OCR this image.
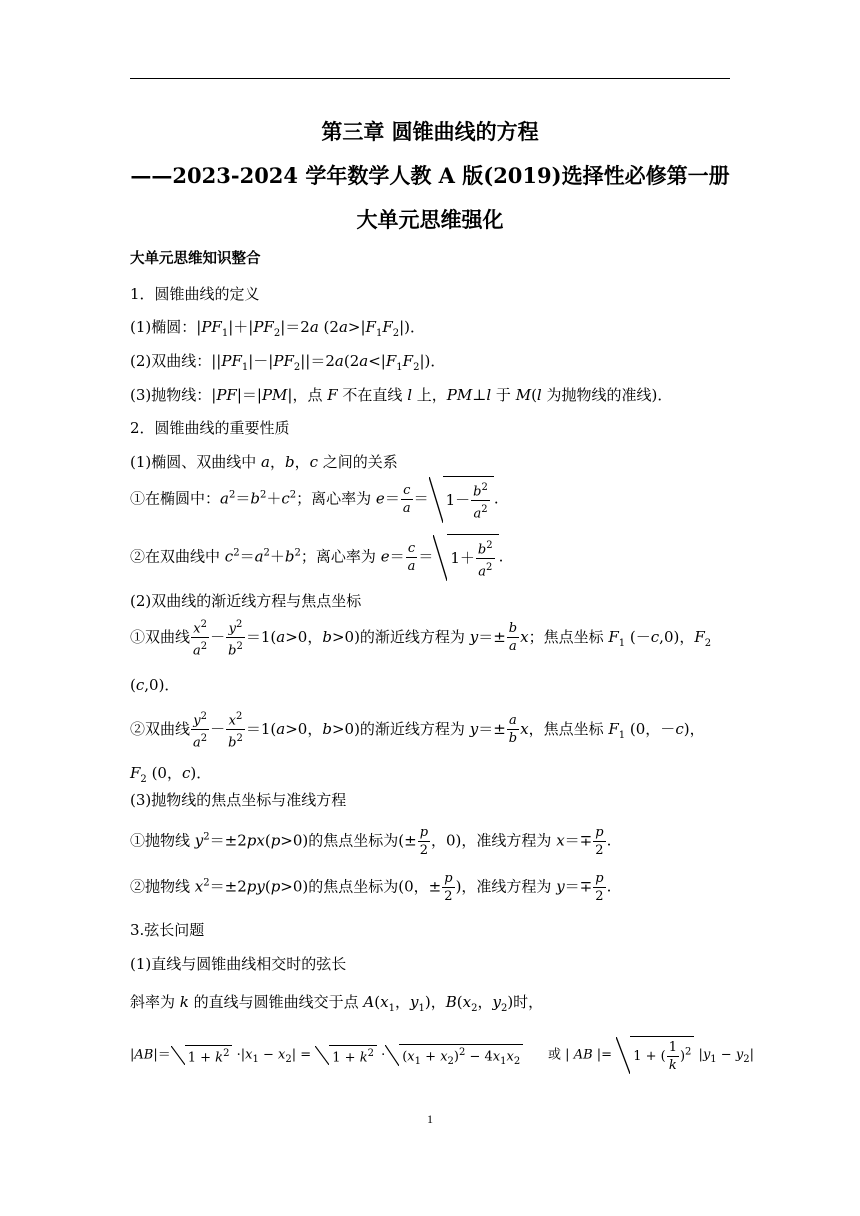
第三章 圆锥曲线的方程
——2023-2024 学年数学人教 A 版(2019)选择性必修第一册
大单元思维强化
大单元思维知识整合
1．圆锥曲线的定义
(1)椭圆：$|PF_1|+|PF_2|=2a$ $(2a>|F_1F_2|)$．
(2)双曲线：$||PF_1|-|PF_2||=2a(2a<|F_1F_2|)$．
(3)抛物线：|PF|＝|PM|，点 F 不在直线 l 上，PM⊥l 于 M(l 为抛物线的准线)．
2．圆锥曲线的重要性质
(1)椭圆、双曲线中 a，b，c 之间的关系
①在椭圆中：$a^2=b^2+c^2$；离心率为 $e= \frac{c}{a} = 1- \frac{b^2}{a^2}$ .
②在双曲线中 $c^2=a^2+b^2$；离心率为 $e= \frac{c}{a} = 1+ \frac{b^2}{a^2}$ .
(2)双曲线的渐近线方程与焦点坐标
①双曲线 $\frac{x^2}{a^2} - \frac{y^2}{b^2} =1(a>0$，b>0)的渐近线方程为 $y=\pm \frac{b}{a}$ x；焦点坐标 $F_1$ (－c,0)，$F_2$
(c,0)．
②双曲线 $\frac{y^2}{a^2} - \frac{x^2}{b^2} =1(a>0$，b>0)的渐近线方程为 $y=\pm \frac{a}{b}$ x，焦点坐标 $F_1$ (0，－c)，
$F_2$ (0，c)．
(3)抛物线的焦点坐标与准线方程
①抛物线 $y^2=\pm 2px(p>0)$的焦点坐标为(± $\frac{p}{2}$ ，0)，准线方程为 $x=\mp \frac{p}{2}$ .
②抛物线 $x^2=\pm 2py(p>0)$的焦点坐标为(0，± $\frac{p}{2}$ )，准线方程为 $y=\mp \frac{p}{2}$ .
3.弦长问题
(1)直线与圆锥曲线相交时的弦长
斜率为 k 的直线与圆锥曲线交于点 $A(x_1$，$y_1$)，$B(x_2$，$y_2$)时，
$|AB|= 1 + k^2 \cdot|x_1 - x_2| = 1 + k^2 \cdot (x_1 + x_2)^2 - 4x_1x_2$      或 | AB |= 1 + ( $\frac{1}{k} )^2$ $|y_1 - y_2|$
1
